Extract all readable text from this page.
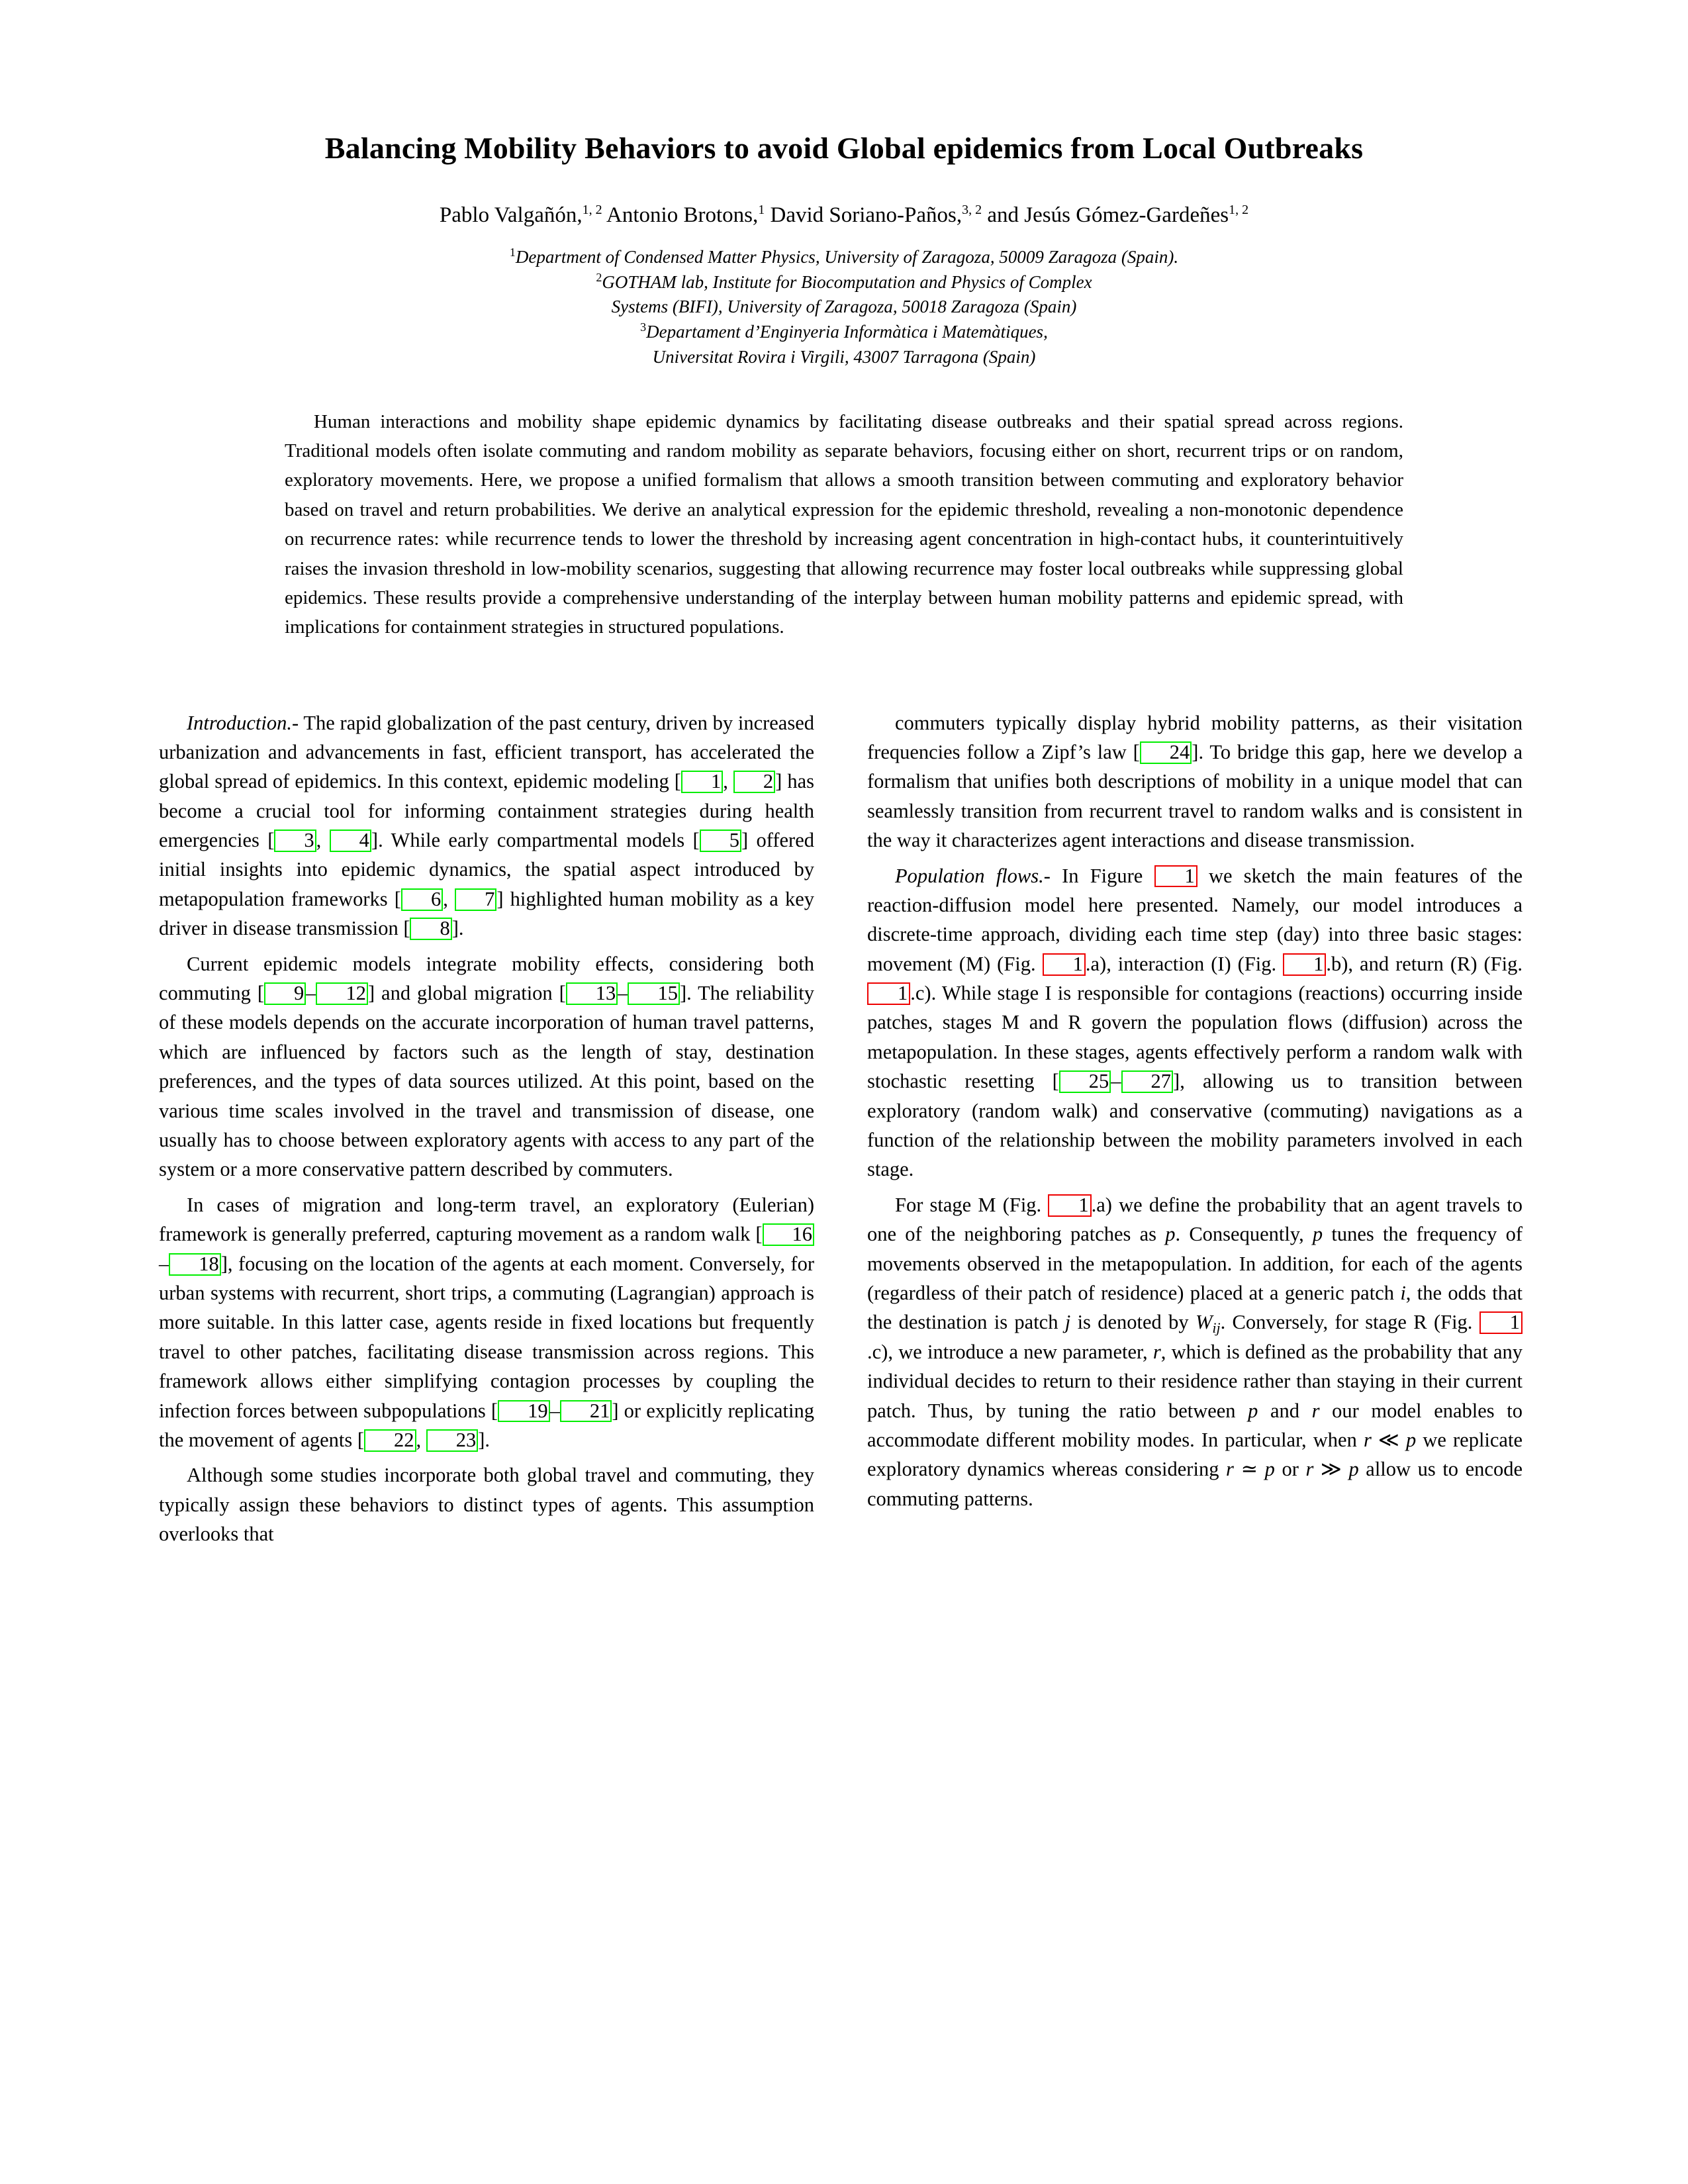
Balancing Mobility Behaviors to avoid Global epidemics from Local Outbreaks
Pablo Valgañón,$^{1, 2}$ Antonio Brotons,$^1$ David Soriano-Paños,$^{3, 2}$ and Jesús Gómez-Gardeñes$^{1, 2}$
$^1$Department of Condensed Matter Physics, University of Zaragoza, 50009 Zaragoza (Spain).
$^2$GOTHAM lab, Institute for Biocomputation and Physics of Complex
Systems (BIFI), University of Zaragoza, 50018 Zaragoza (Spain)
$^3$Departament d’Enginyeria Informàtica i Matemàtiques,
Universitat Rovira i Virgili, 43007 Tarragona (Spain)
Human interactions and mobility shape epidemic dynamics by facilitating disease outbreaks and their spatial spread across regions. Traditional models often isolate commuting and random mobility as separate behaviors, focusing either on short, recurrent trips or on random, exploratory movements. Here, we propose a unified formalism that allows a smooth transition between commuting and exploratory behavior based on travel and return probabilities. We derive an analytical expression for the epidemic threshold, revealing a non-monotonic dependence on recurrence rates: while recurrence tends to lower the threshold by increasing agent concentration in high-contact hubs, it counterintuitively raises the invasion threshold in low-mobility scenarios, suggesting that allowing recurrence may foster local outbreaks while suppressing global epidemics. These results provide a comprehensive understanding of the interplay between human mobility patterns and epidemic spread, with implications for containment strategies in structured populations.

Introduction.- The rapid globalization of the past century, driven by increased urbanization and advancements in fast, efficient transport, has accelerated the global spread of epidemics. In this context, epidemic modeling [ 1, 2] has become a crucial tool for informing containment strategies during health emergencies [ 3, 4]. While early compartmental models [ 5] offered initial insights into epidemic dynamics, the spatial aspect introduced by metapopulation frameworks [ 6, 7] highlighted human mobility as a key driver in disease transmission [ 8].

Current epidemic models integrate mobility effects, considering both commuting [ 9– 12] and global migration [ 13– 15]. The reliability of these models depends on the accurate incorporation of human travel patterns, which are influenced by factors such as the length of stay, destination preferences, and the types of data sources utilized. At this point, based on the various time scales involved in the travel and transmission of disease, one usually has to choose between exploratory agents with access to any part of the system or a more conservative pattern described by commuters.

In cases of migration and long-term travel, an exploratory (Eulerian) framework is generally preferred, capturing movement as a random walk [ 16– 18], focusing on the location of the agents at each moment. Conversely, for urban systems with recurrent, short trips, a commuting (Lagrangian) approach is more suitable. In this latter case, agents reside in fixed locations but frequently travel to other patches, facilitating disease transmission across regions. This framework allows either simplifying contagion processes by coupling the infection forces between subpopulations [ 19– 21] or explicitly replicating the movement of agents [ 22, 23].

Although some studies incorporate both global travel and commuting, they typically assign these behaviors to distinct types of agents. This assumption overlooks that

commuters typically display hybrid mobility patterns, as their visitation frequencies follow a Zipf’s law [ 24]. To bridge this gap, here we develop a formalism that unifies both descriptions of mobility in a unique model that can seamlessly transition from recurrent travel to random walks and is consistent in the way it characterizes agent interactions and disease transmission.

Population flows.- In Figure 1 we sketch the main features of the reaction-diffusion model here presented. Namely, our model introduces a discrete-time approach, dividing each time step (day) into three basic stages: movement (M) (Fig. 1 .a), interaction (I) (Fig. 1 .b), and return (R) (Fig. 1 .c). While stage I is responsible for contagions (reactions) occurring inside patches, stages M and R govern the population flows (diffusion) across the metapopulation. In these stages, agents effectively perform a random walk with stochastic resetting [ 25– 27], allowing us to transition between exploratory (random walk) and conservative (commuting) navigations as a function of the relationship between the mobility parameters involved in each stage.

For stage M (Fig. 1 .a) we define the probability that an agent travels to one of the neighboring patches as p. Consequently, p tunes the frequency of movements observed in the metapopulation. In addition, for each of the agents (regardless of their patch of residence) placed at a generic patch i, the odds that the destination is patch j is denoted by $W_{ij}$. Conversely, for stage R (Fig. 1.c), we introduce a new parameter, r, which is defined as the probability that any individual decides to return to their residence rather than staying in their current patch. Thus, by tuning the ratio between p and r our model enables to accommodate different mobility modes. In particular, when r ≪ p we replicate exploratory dynamics whereas considering r ≃ p or r ≫ p allow us to encode commuting patterns.
